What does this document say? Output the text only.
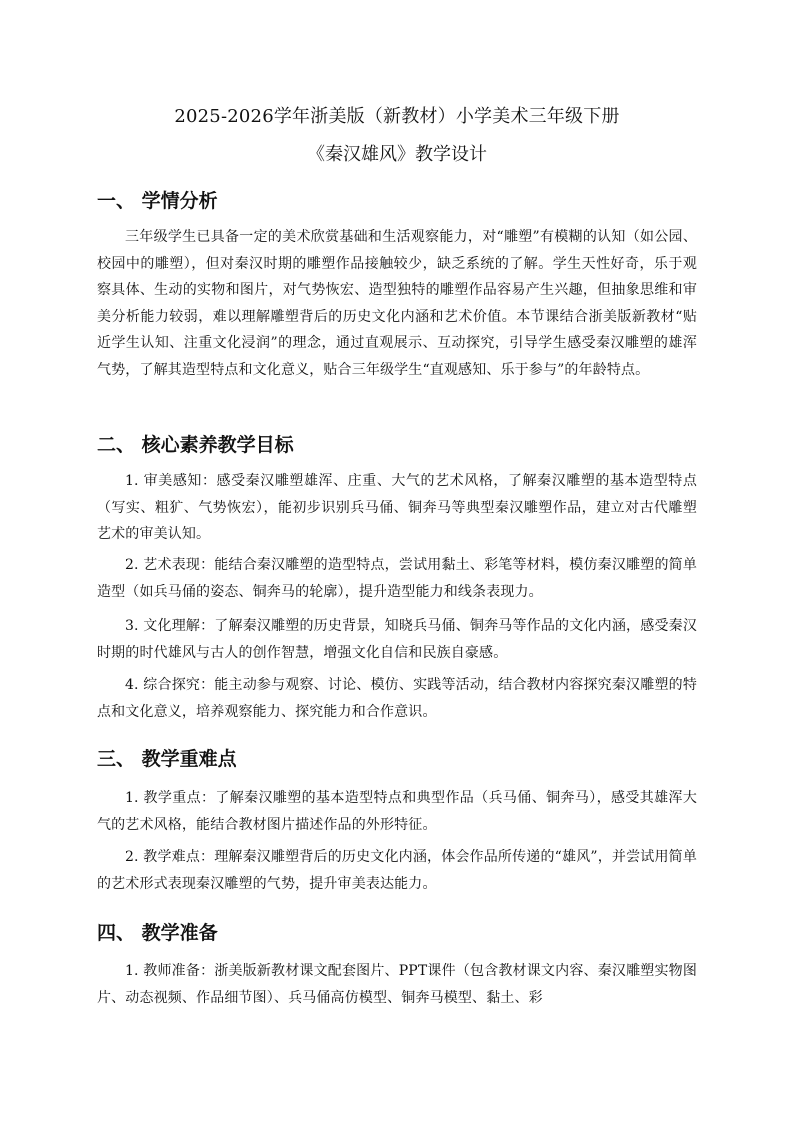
2025-2026学年浙美版（新教材）小学美术三年级下册
《秦汉雄风》教学设计
一、 学情分析
三年级学生已具备一定的美术欣赏基础和生活观察能力，对“雕塑”有模糊的认知（如公园、校园中的雕塑），但对秦汉时期的雕塑作品接触较少，缺乏系统的了解。学生天性好奇，乐于观察具体、生动的实物和图片，对气势恢宏、造型独特的雕塑作品容易产生兴趣，但抽象思维和审美分析能力较弱，难以理解雕塑背后的历史文化内涵和艺术价值。本节课结合浙美版新教材“贴近学生认知、注重文化浸润”的理念，通过直观展示、互动探究，引导学生感受秦汉雕塑的雄浑气势，了解其造型特点和文化意义，贴合三年级学生“直观感知、乐于参与”的年龄特点。
二、 核心素养教学目标
1. 审美感知：感受秦汉雕塑雄浑、庄重、大气的艺术风格，了解秦汉雕塑的基本造型特点（写实、粗犷、气势恢宏），能初步识别兵马俑、铜奔马等典型秦汉雕塑作品，建立对古代雕塑艺术的审美认知。
2. 艺术表现：能结合秦汉雕塑的造型特点，尝试用黏土、彩笔等材料，模仿秦汉雕塑的简单造型（如兵马俑的姿态、铜奔马的轮廓），提升造型能力和线条表现力。
3. 文化理解：了解秦汉雕塑的历史背景，知晓兵马俑、铜奔马等作品的文化内涵，感受秦汉时期的时代雄风与古人的创作智慧，增强文化自信和民族自豪感。
4. 综合探究：能主动参与观察、讨论、模仿、实践等活动，结合教材内容探究秦汉雕塑的特点和文化意义，培养观察能力、探究能力和合作意识。
三、 教学重难点
1. 教学重点：了解秦汉雕塑的基本造型特点和典型作品（兵马俑、铜奔马），感受其雄浑大气的艺术风格，能结合教材图片描述作品的外形特征。
2. 教学难点：理解秦汉雕塑背后的历史文化内涵，体会作品所传递的“雄风”，并尝试用简单的艺术形式表现秦汉雕塑的气势，提升审美表达能力。
四、 教学准备
1. 教师准备：浙美版新教材课文配套图片、PPT课件（包含教材课文内容、秦汉雕塑实物图片、动态视频、作品细节图）、兵马俑高仿模型、铜奔马模型、黏土、彩
